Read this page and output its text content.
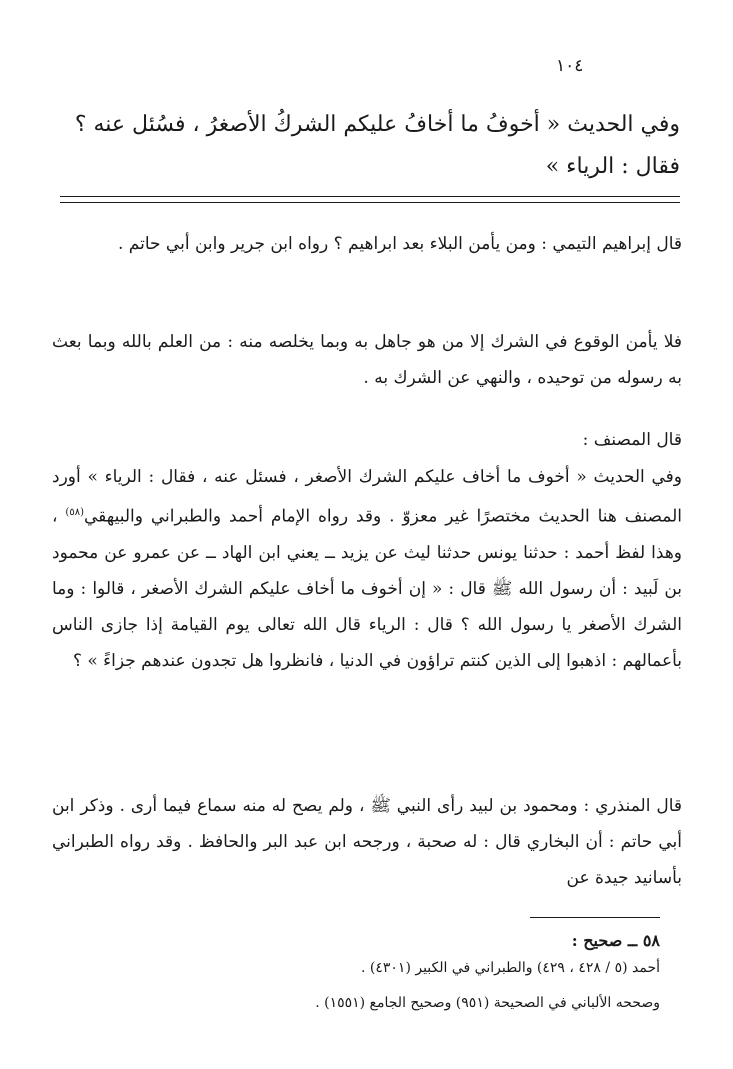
١٠٤
وفي الحديث « أخوفُ ما أخافُ عليكم الشركُ الأصغرُ ، فسُئل عنه ؟ فقال : الرياء »

قال إبراهيم التيمي : ومن يأمن البلاء بعد ابراهيم ؟ رواه ابن جرير وابن أبي حاتم .

فلا يأمن الوقوع في الشرك إلا من هو جاهل به وبما يخلصه منه : من العلم بالله وبما بعث به رسوله من توحيده ، والنهي عن الشرك به .

قال المصنف :

وفي الحديث « أخوف ما أخاف عليكم الشرك الأصغر ، فسئل عنه ، فقال : الرياء » أورد المصنف هنا الحديث مختصرًا غير معزوّ . وقد رواه الإمام أحمد والطبراني والبيهقي$^{(٥٨)}$ ، وهذا لفظ أحمد : حدثنا يونس حدثنا ليث عن يزيد ــ يعني ابن الهاد ــ عن عمرو عن محمود بن لَبيد : أن رسول الله ﷺ قال : « إن أخوف ما أخاف عليكم الشرك الأصغر ، قالوا : وما الشرك الأصغر يا رسول الله ؟ قال : الرياء قال الله تعالى يوم القيامة إذا جازى الناس بأعمالهم : اذهبوا إلى الذين كنتم تراؤون في الدنيا ، فانظروا هل تجدون عندهم جزاءً » ؟

قال المنذري : ومحمود بن لبيد رأى النبي ﷺ ، ولم يصح له منه سماع فيما أرى . وذكر ابن أبي حاتم : أن البخاري قال : له صحبة ، ورجحه ابن عبد البر والحافظ . وقد رواه الطبراني بأسانيد جيدة عن

٥٨ ــ صحيح :
أحمد (٥ / ٤٢٨ ، ٤٢٩) والطبراني في الكبير (٤٣٠١) .
وصححه الألباني في الصحيحة (٩٥١) وصحيح الجامع (١٥٥١) .
